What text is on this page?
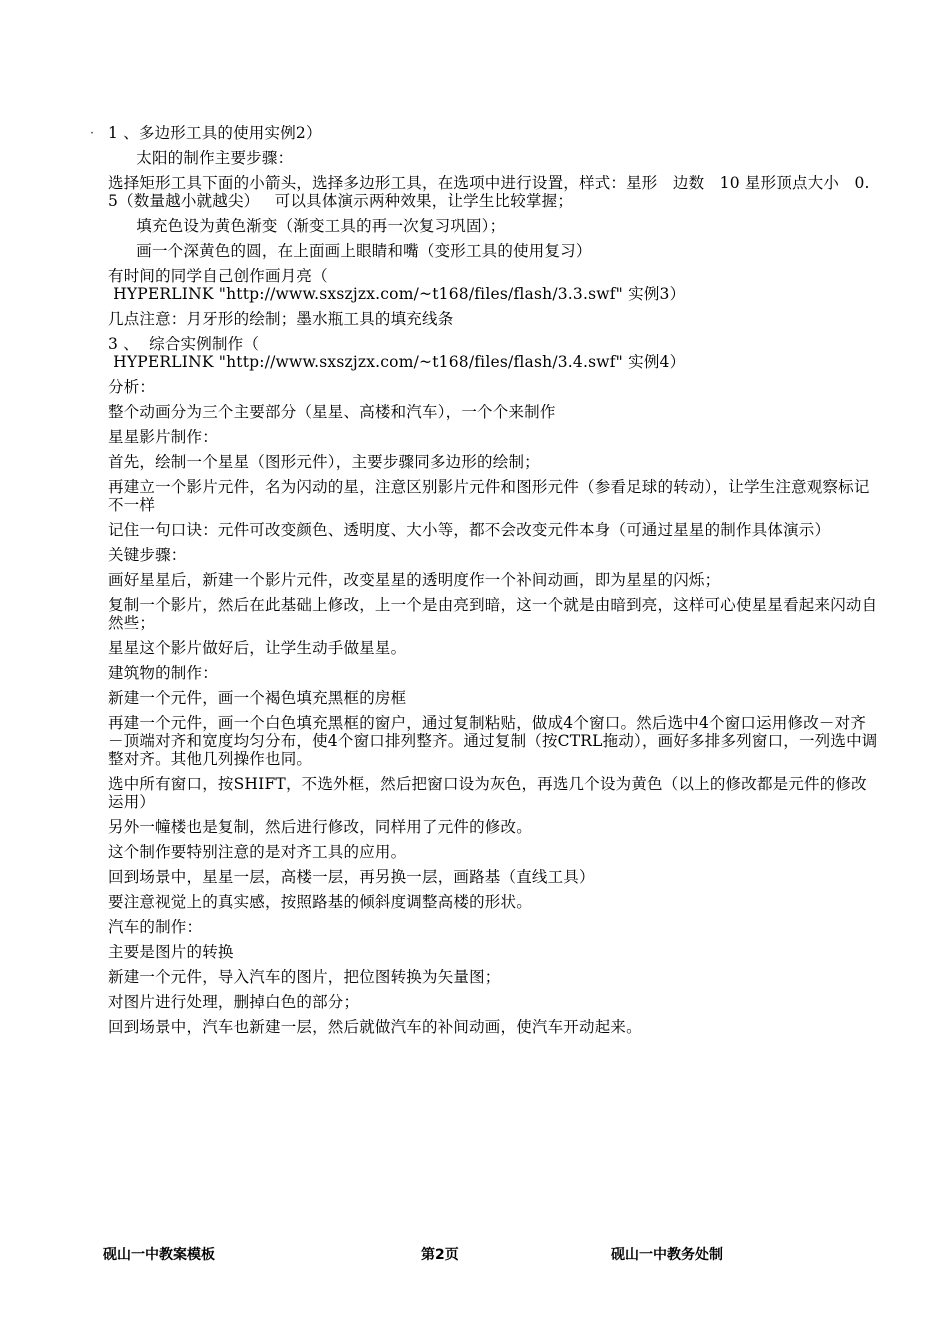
· 1 、多边形工具的使用实例2）

太阳的制作主要步骤：

选择矩形工具下面的小箭头，选择多边形工具，在选项中进行设置，样式：星形   边数   10 星形顶点大小   0.5（数量越小就越尖）   可以具体演示两种效果，让学生比较掌握；

填充色设为黄色渐变（渐变工具的再一次复习巩固）；

画一个深黄色的圆，在上面画上眼睛和嘴（变形工具的使用复习）

有时间的同学自己创作画月亮（

HYPERLINK "http://www.sxszjzx.com/~t168/files/flash/3.3.swf" 实例3）

几点注意：月牙形的绘制；墨水瓶工具的填充线条

3 、  综合实例制作（

HYPERLINK "http://www.sxszjzx.com/~t168/files/flash/3.4.swf" 实例4）

分析：

整个动画分为三个主要部分（星星、高楼和汽车），一个个来制作

星星影片制作：

首先，绘制一个星星（图形元件），主要步骤同多边形的绘制；

再建立一个影片元件，名为闪动的星，注意区别影片元件和图形元件（参看足球的转动），让学生注意观察标记不一样

记住一句口诀：元件可改变颜色、透明度、大小等，都不会改变元件本身（可通过星星的制作具体演示）

关键步骤：

画好星星后，新建一个影片元件，改变星星的透明度作一个补间动画，即为星星的闪烁；

复制一个影片，然后在此基础上修改，上一个是由亮到暗，这一个就是由暗到亮，这样可心使星星看起来闪动自然些；

星星这个影片做好后，让学生动手做星星。

建筑物的制作：

新建一个元件，画一个褐色填充黑框的房框

再建一个元件，画一个白色填充黑框的窗户，通过复制粘贴，做成4个窗口。然后选中4个窗口运用修改－对齐－顶端对齐和宽度均匀分布，使4个窗口排列整齐。通过复制（按CTRL拖动），画好多排多列窗口，一列选中调整对齐。其他几列操作也同。

选中所有窗口，按SHIFT，不选外框，然后把窗口设为灰色，再选几个设为黄色（以上的修改都是元件的修改运用）

另外一幢楼也是复制，然后进行修改，同样用了元件的修改。

这个制作要特别注意的是对齐工具的应用。

回到场景中，星星一层，高楼一层，再另换一层，画路基（直线工具）

要注意视觉上的真实感，按照路基的倾斜度调整高楼的形状。

汽车的制作：

主要是图片的转换

新建一个元件，导入汽车的图片，把位图转换为矢量图；

对图片进行处理，删掉白色的部分；

回到场景中，汽车也新建一层，然后就做汽车的补间动画，使汽车开动起来。

砚山一中教案模板	第2页	砚山一中教务处制
